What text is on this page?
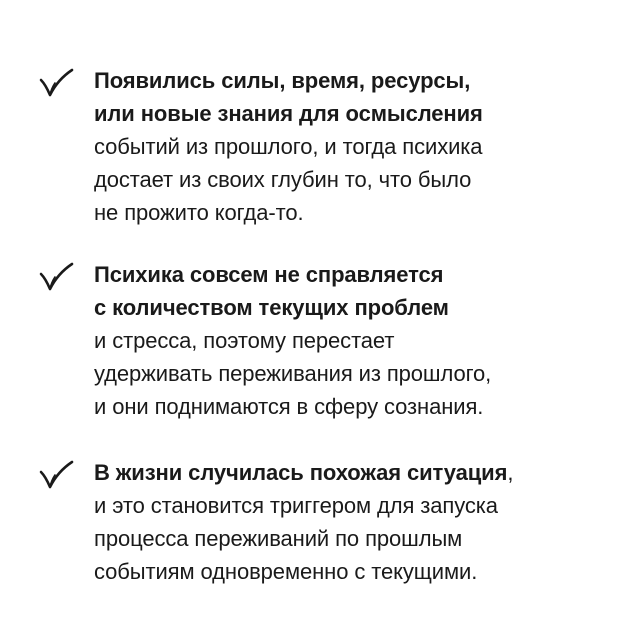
Появились силы, время, ресурсы,
или новые знания для осмысления
событий из прошлого, и тогда психика
достает из своих глубин то, что было
не прожито когда-то.
Психика совсем не справляется
с количеством текущих проблем
и стресса, поэтому перестает
удерживать переживания из прошлого,
и они поднимаются в сферу сознания.
В жизни случилась похожая ситуация,
и это становится триггером для запуска
процесса переживаний по прошлым
событиям одновременно с текущими.
